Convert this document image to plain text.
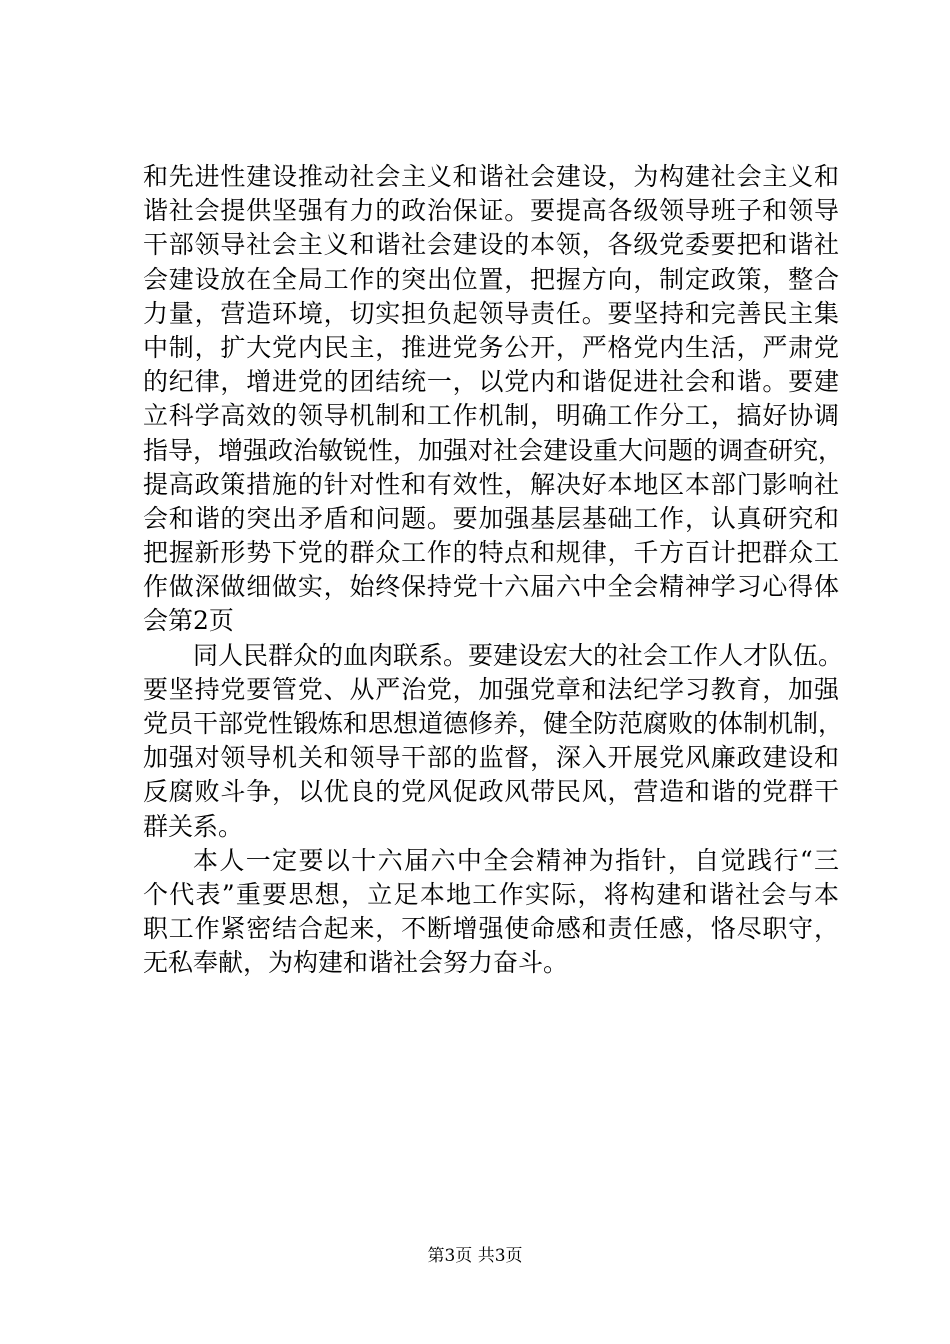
和先进性建设推动社会主义和谐社会建设，为构建社会主义和
谐社会提供坚强有力的政治保证。要提高各级领导班子和领导
干部领导社会主义和谐社会建设的本领，各级党委要把和谐社
会建设放在全局工作的突出位置，把握方向，制定政策，整合
力量，营造环境，切实担负起领导责任。要坚持和完善民主集
中制，扩大党内民主，推进党务公开，严格党内生活，严肃党
的纪律，增进党的团结统一，以党内和谐促进社会和谐。要建
立科学高效的领导机制和工作机制，明确工作分工，搞好协调
指导，增强政治敏锐性，加强对社会建设重大问题的调查研究，
提高政策措施的针对性和有效性，解决好本地区本部门影响社
会和谐的突出矛盾和问题。要加强基层基础工作，认真研究和
把握新形势下党的群众工作的特点和规律，千方百计把群众工
作做深做细做实，始终保持党十六届六中全会精神学习心得体
会第2页
同人民群众的血肉联系。要建设宏大的社会工作人才队伍。
要坚持党要管党、从严治党，加强党章和法纪学习教育，加强
党员干部党性锻炼和思想道德修养，健全防范腐败的体制机制，
加强对领导机关和领导干部的监督，深入开展党风廉政建设和
反腐败斗争，以优良的党风促政风带民风，营造和谐的党群干
群关系。
本人一定要以十六届六中全会精神为指针，自觉践行“三
个代表”重要思想，立足本地工作实际，将构建和谐社会与本
职工作紧密结合起来，不断增强使命感和责任感，恪尽职守，
无私奉献，为构建和谐社会努力奋斗。
第3页 共3页
